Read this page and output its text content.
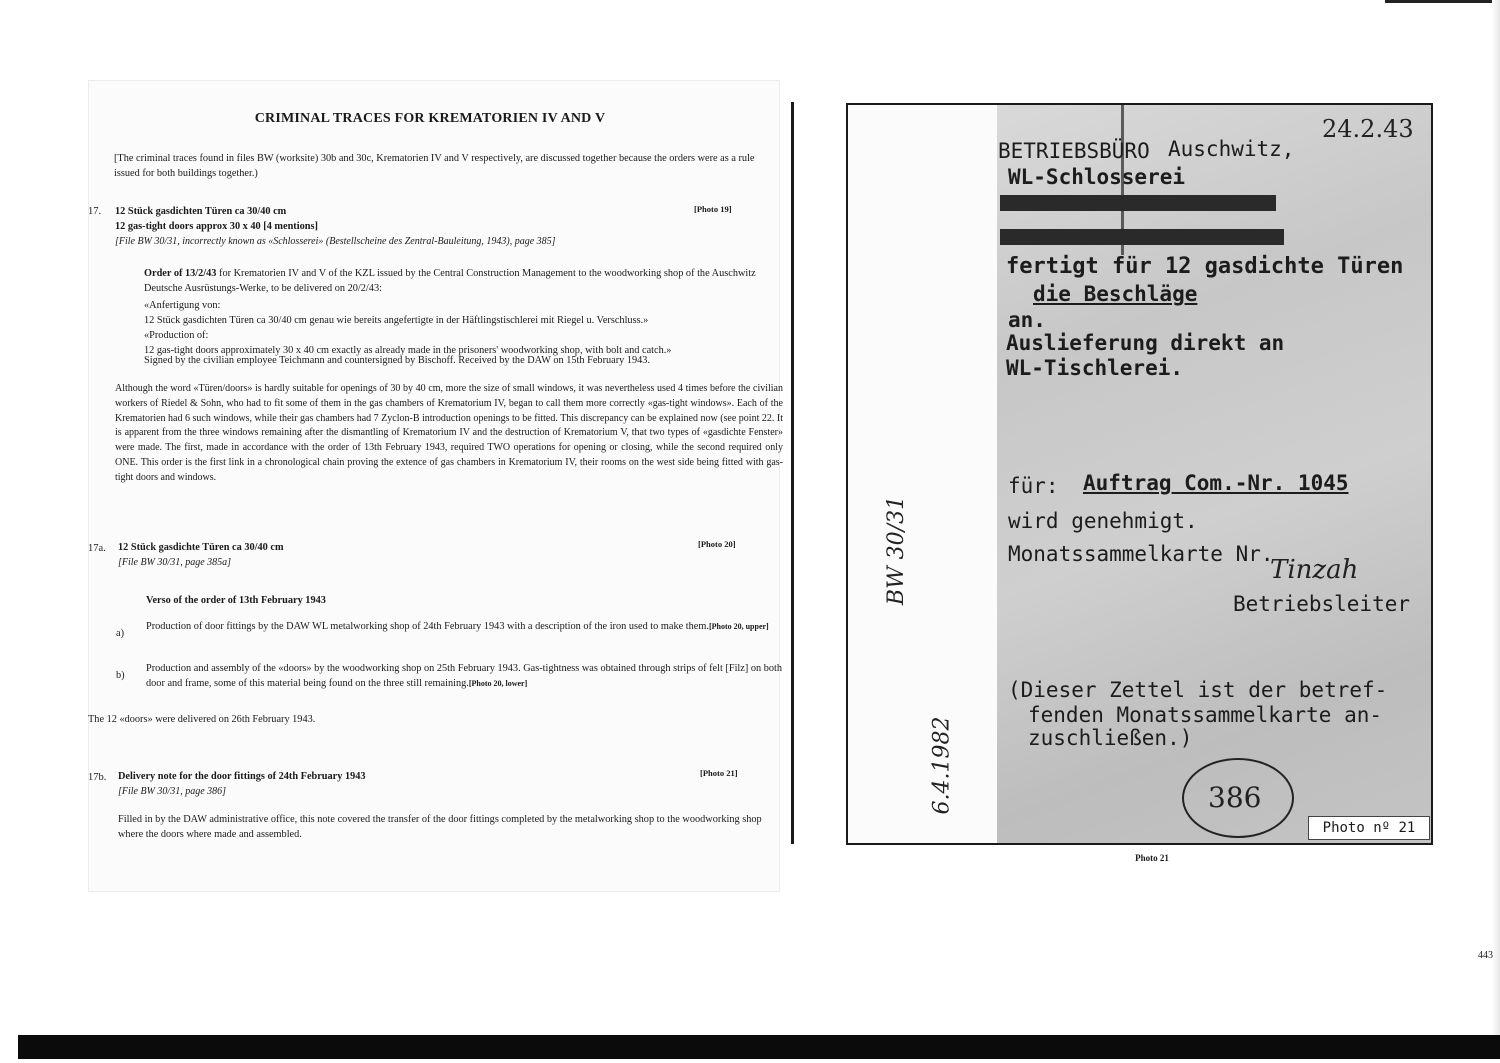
CRIMINAL TRACES FOR KREMATORIEN IV AND V

[The criminal traces found in files BW (worksite) 30b and 30c, Krematorien IV and V respectively, are discussed together because the orders were as a rule issued for both buildings together.)

17. 12 Stück gasdichten Türen ca 30/40 cm
12 gas-tight doors approx 30 x 40 [4 mentions]
[File BW 30/31, incorrectly known as «Schlosserei» (Bestellscheine des Zentral-Bauleitung, 1943), page 385]
[Photo 19]

Order of 13/2/43 for Krematorien IV and V of the KZL issued by the Central Construction Management to the woodworking shop of the Auschwitz Deutsche Ausrüstungs-Werke, to be delivered on 20/2/43:

«Anfertigung von:
12 Stück gasdichten Türen ca 30/40 cm genau wie bereits angefertigte in der Häftlingstischlerei mit Riegel u. Verschluss.»
«Production of:
12 gas-tight doors approximately 30 x 40 cm exactly as already made in the prisoners' woodworking shop, with bolt and catch.»
Signed by the civilian employee Teichmann and countersigned by Bischoff. Received by the DAW on 15th February 1943.

Although the word «Türen/doors» is hardly suitable for openings of 30 by 40 cm, more the size of small windows, it was nevertheless used 4 times before the civilian workers of Riedel & Sohn, who had to fit some of them in the gas chambers of Krematorium IV, began to call them more correctly «gas-tight windows». Each of the Krematorien had 6 such windows, while their gas chambers had 7 Zyclon-B introduction openings to be fitted. This discrepancy can be explained now (see point 22. It is apparent from the three windows remaining after the dismantling of Krematorium IV and the destruction of Krematorium V, that two types of «gasdichte Fenster» were made. The first, made in accordance with the order of 13th February 1943, required TWO operations for opening or closing, while the second required only ONE. This order is the first link in a chronological chain proving the extence of gas chambers in Krematorium IV, their rooms on the west side being fitted with gas-tight doors and windows.

17a. 12 Stück gasdichte Türen ca 30/40 cm
[File BW 30/31, page 385a]
[Photo 20]
Verso of the order of 13th February 1943
a)

Production of door fittings by the DAW WL metalworking shop of 24th February 1943 with a description of the iron used to make them.[Photo 20, upper]

b)

Production and assembly of the «doors» by the woodworking shop on 25th February 1943. Gas-tightness was obtained through strips of felt [Filz] on both door and frame, some of this material being found on the three still remaining.[Photo 20, lower]

The 12 «doors» were delivered on 26th February 1943.
17b. Delivery note for the door fittings of 24th February 1943
[File BW 30/31, page 386]
[Photo 21]

Filled in by the DAW administrative office, this note covered the transfer of the door fittings completed by the metalworking shop to the woodworking shop where the doors where made and assembled.

BETRIEBSBÜRO Auschwitz,
24.2.43
WL-Schlosserei
fertigt für 12 gasdichte Türen
die Beschläge
an.
Auslieferung direkt an
WL-Tischlerei.
für: Auftrag Com.-Nr. 1045
wird genehmigt.
Monatssammelkarte Nr.
Tinzah
Betriebsleiter
(Dieser Zettel ist der betref-
fenden Monatssammelkarte an-
zuschließen.)
BW 30/31
6.4.1982	386
Photo nº 21
Photo 21
443
